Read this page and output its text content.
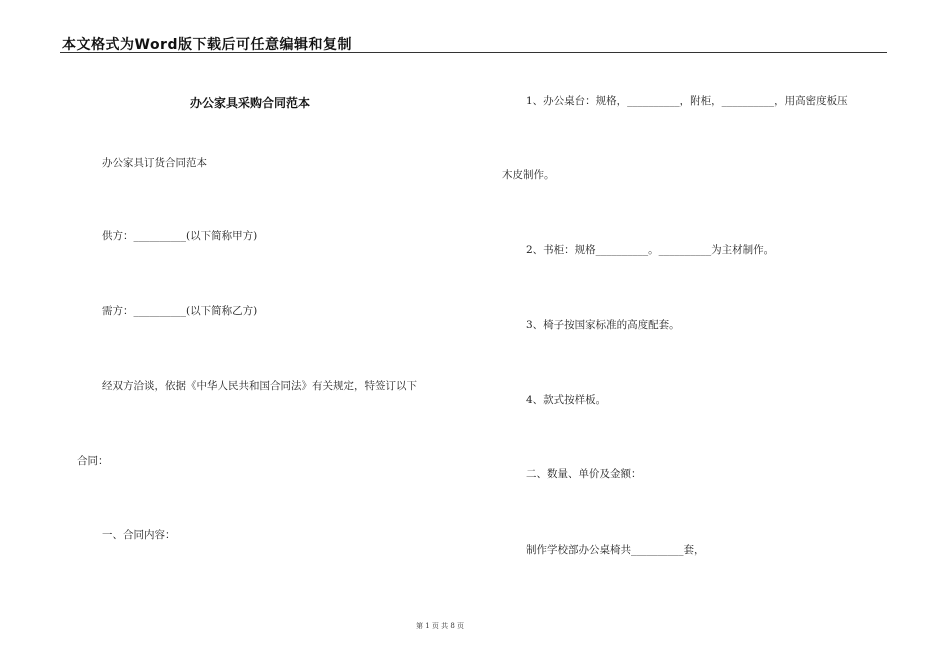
本文格式为Word版下载后可任意编辑和复制
办公家具采购合同范本
办公家具订货合同范本
供方：__________(以下简称甲方)
需方：__________(以下简称乙方)
经双方洽谈，依据《中华人民共和国合同法》有关规定，特签订以下
合同：
一、合同内容：
1、办公桌台：规格，__________，附柜，__________，用高密度板压
木皮制作。
2、书柜：规格__________。__________为主材制作。
3、椅子按国家标准的高度配套。
4、款式按样板。
二、数量、单价及金额：
制作学校部办公桌椅共__________套，
第 1 页 共 8 页
